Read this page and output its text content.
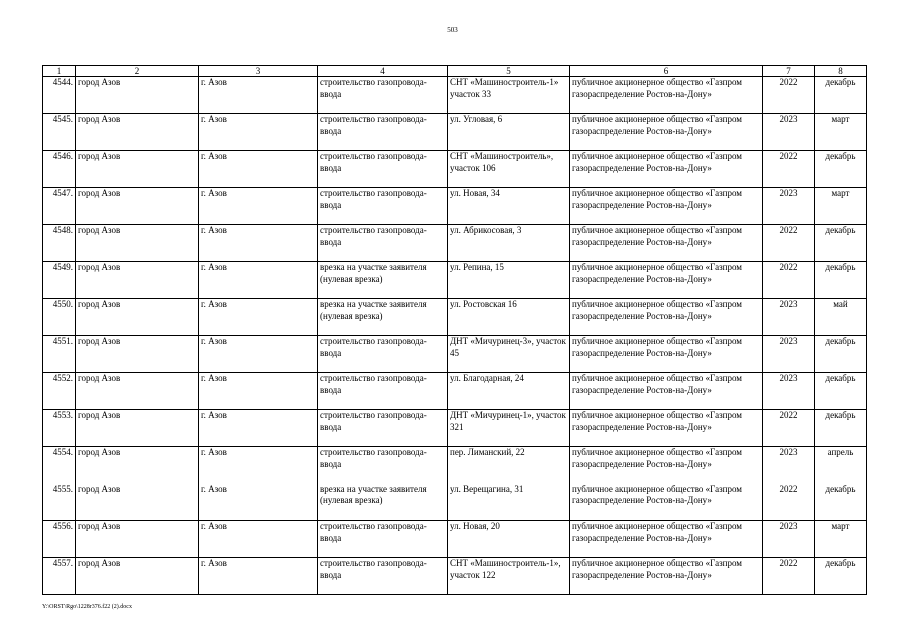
503
1	2	3	4	5	6	7	8
4544.	город Азов	г. Азов	строительство газопровода-ввода	СНТ «Машиностроитель-1» участок 33	публичное акционерное общество «Газпром газораспределение Ростов-на-Дону»	2022	декабрь
4545.	город Азов	г. Азов	строительство газопровода-ввода	ул. Угловая, 6	публичное акционерное общество «Газпром газораспределение Ростов-на-Дону»	2023	март
4546.	город Азов	г. Азов	строительство газопровода-ввода	СНТ «Машиностроитель», участок 106	публичное акционерное общество «Газпром газораспределение Ростов-на-Дону»	2022	декабрь
4547.	город Азов	г. Азов	строительство газопровода-ввода	ул. Новая, 34	публичное акционерное общество «Газпром газораспределение Ростов-на-Дону»	2023	март
4548.	город Азов	г. Азов	строительство газопровода-ввода	ул. Абрикосовая, 3	публичное акционерное общество «Газпром газораспределение Ростов-на-Дону»	2022	декабрь
4549.	город Азов	г. Азов	врезка на участке заявителя (нулевая врезка)	ул. Репина, 15	публичное акционерное общество «Газпром газораспределение Ростов-на-Дону»	2022	декабрь
4550.	город Азов	г. Азов	врезка на участке заявителя (нулевая врезка)	ул. Ростовская 16	публичное акционерное общество «Газпром газораспределение Ростов-на-Дону»	2023	май
4551.	город Азов	г. Азов	строительство газопровода-ввода	ДНТ «Мичуринец-3», участок 45	публичное акционерное общество «Газпром газораспределение Ростов-на-Дону»	2023	декабрь
4552.	город Азов	г. Азов	строительство газопровода-ввода	ул. Благодарная, 24	публичное акционерное общество «Газпром газораспределение Ростов-на-Дону»	2023	декабрь
4553.	город Азов	г. Азов	строительство газопровода-ввода	ДНТ «Мичуринец-1», участок 321	публичное акционерное общество «Газпром газораспределение Ростов-на-Дону»	2022	декабрь
4554.	город Азов	г. Азов	строительство газопровода-ввода	пер. Лиманский, 22	публичное акционерное общество «Газпром газораспределение Ростов-на-Дону»	2023	апрель
4555.	город Азов	г. Азов	врезка на участке заявителя (нулевая врезка)	ул. Верещагина, 31	публичное акционерное общество «Газпром газораспределение Ростов-на-Дону»	2022	декабрь
4556.	город Азов	г. Азов	строительство газопровода-ввода	ул. Новая, 20	публичное акционерное общество «Газпром газораспределение Ростов-на-Дону»	2023	март
4557.	город Азов	г. Азов	строительство газопровода-ввода	СНТ «Машиностроитель-1», участок 122	публичное акционерное общество «Газпром газораспределение Ростов-на-Дону»	2022	декабрь
Y:\ORST\Rgo\1228r376.f22 (2).docx
